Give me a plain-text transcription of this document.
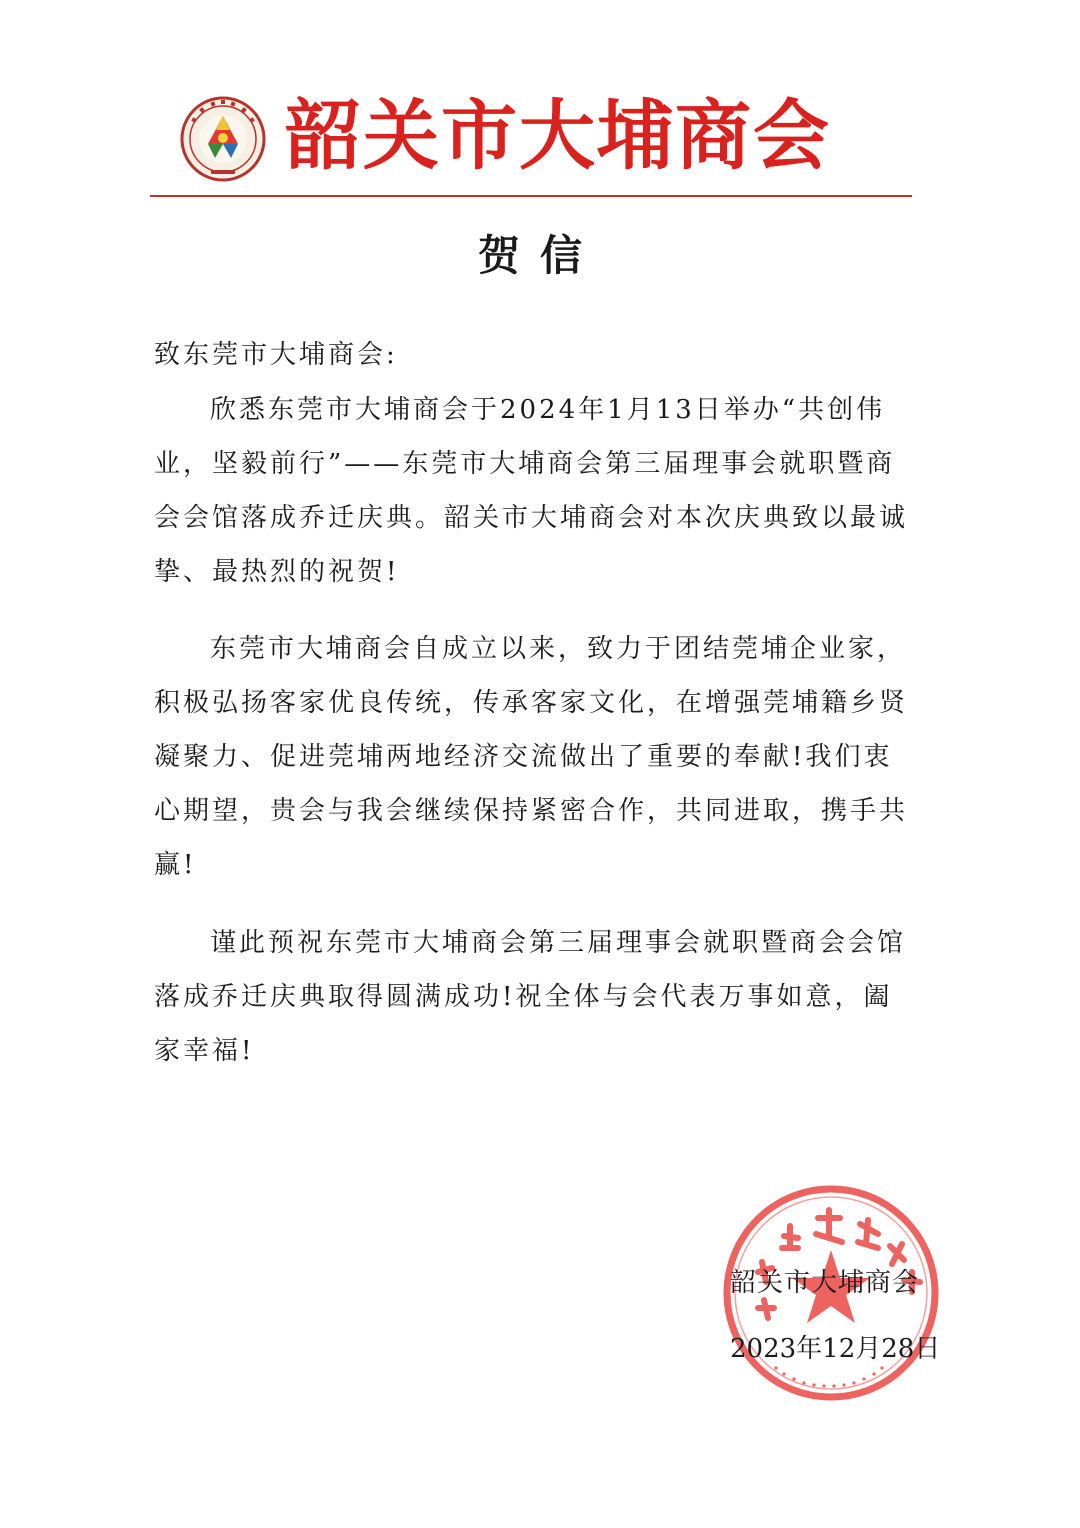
韶关市大埔商会
贺信
致东莞市大埔商会:

欣悉东莞市大埔商会于2024年1月13日举办“共创伟业，坚毅前行”——东莞市大埔商会第三届理事会就职暨商会会馆落成乔迁庆典。韶关市大埔商会对本次庆典致以最诚挚、最热烈的祝贺!

东莞市大埔商会自成立以来，致力于团结莞埔企业家，积极弘扬客家优良传统，传承客家文化，在增强莞埔籍乡贤凝聚力、促进莞埔两地经济交流做出了重要的奉献!我们衷心期望，贵会与我会继续保持紧密合作，共同进取，携手共赢!

谨此预祝东莞市大埔商会第三届理事会就职暨商会会馆落成乔迁庆典取得圆满成功!祝全体与会代表万事如意，阖家幸福!

韶关市大埔商会
2023年12月28日
